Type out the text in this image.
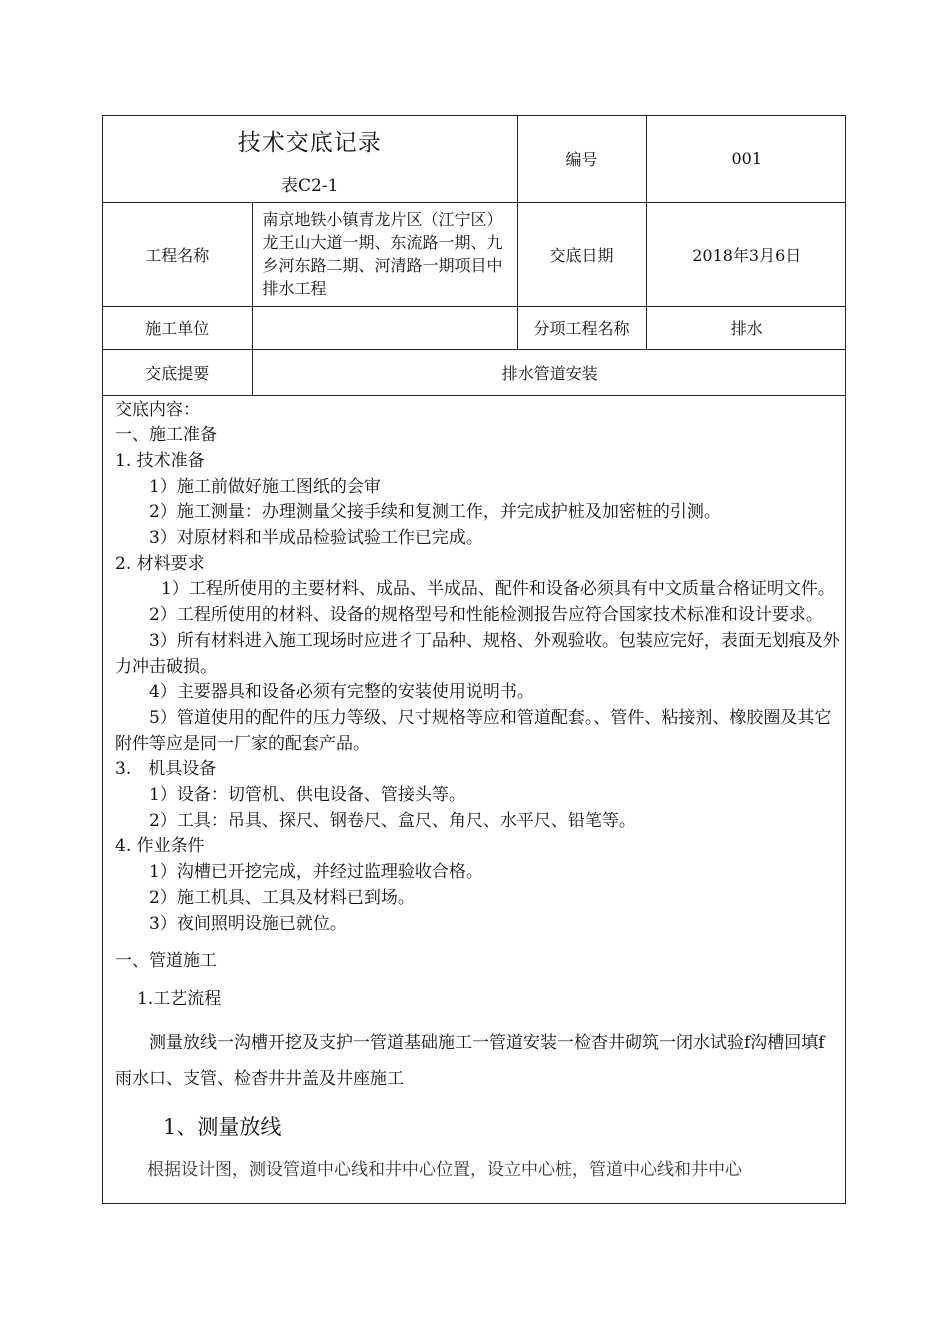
技术交底记录
表C2-1		编号	001
工程名称	南京地铁小镇青龙片区（江宁区）龙王山大道一期、东流路一期、九乡河东路二期、河清路一期项目中排水工程	交底日期	2018年3月6日
施工单位		分项工程名称	排水
交底提要	排水管道安装		

交底内容：

一、施工准备

1. 技术准备

1）施工前做好施工图纸的会审

2）施工测量：办理测量父接手续和复测工作，并完成护桩及加密桩的引测。

3）对原材料和半成品检验试验工作已完成。

2. 材料要求

1）工程所使用的主要材料、成品、半成品、配件和设备必须具有中文质量合格证明文件。

2）工程所使用的材料、设备的规格型号和性能检测报告应符合国家技术标准和设计要求。

3）所有材料进入施工现场时应进彳丁品种、规格、外观验收。包装应完好，表面无划痕及外力冲击破损。

4）主要器具和设备必须有完整的安装使用说明书。

5）管道使用的配件的压力等级、尺寸规格等应和管道配套。、管件、粘接剂、橡胶圈及其它附件等应是同一厂家的配套产品。

3.　机具设备

1）设备：切管机、供电设备、管接头等。

2）工具：吊具、探尺、钢卷尺、盒尺、角尺、水平尺、铅笔等。

4. 作业条件

1）沟槽已开挖完成，并经过监理验收合格。

2）施工机具、工具及材料已到场。

3）夜间照明设施已就位。

一、管道施工

1.工艺流程

测量放线一沟槽开挖及支护一管道基础施工一管道安装一检杳井砌筑一闭水试验f沟槽回填f雨水口、支管、检杳井井盖及井座施工

1、测量放线

根据设计图，测设管道中心线和井中心位置，设立中心桩，管道中心线和井中心
